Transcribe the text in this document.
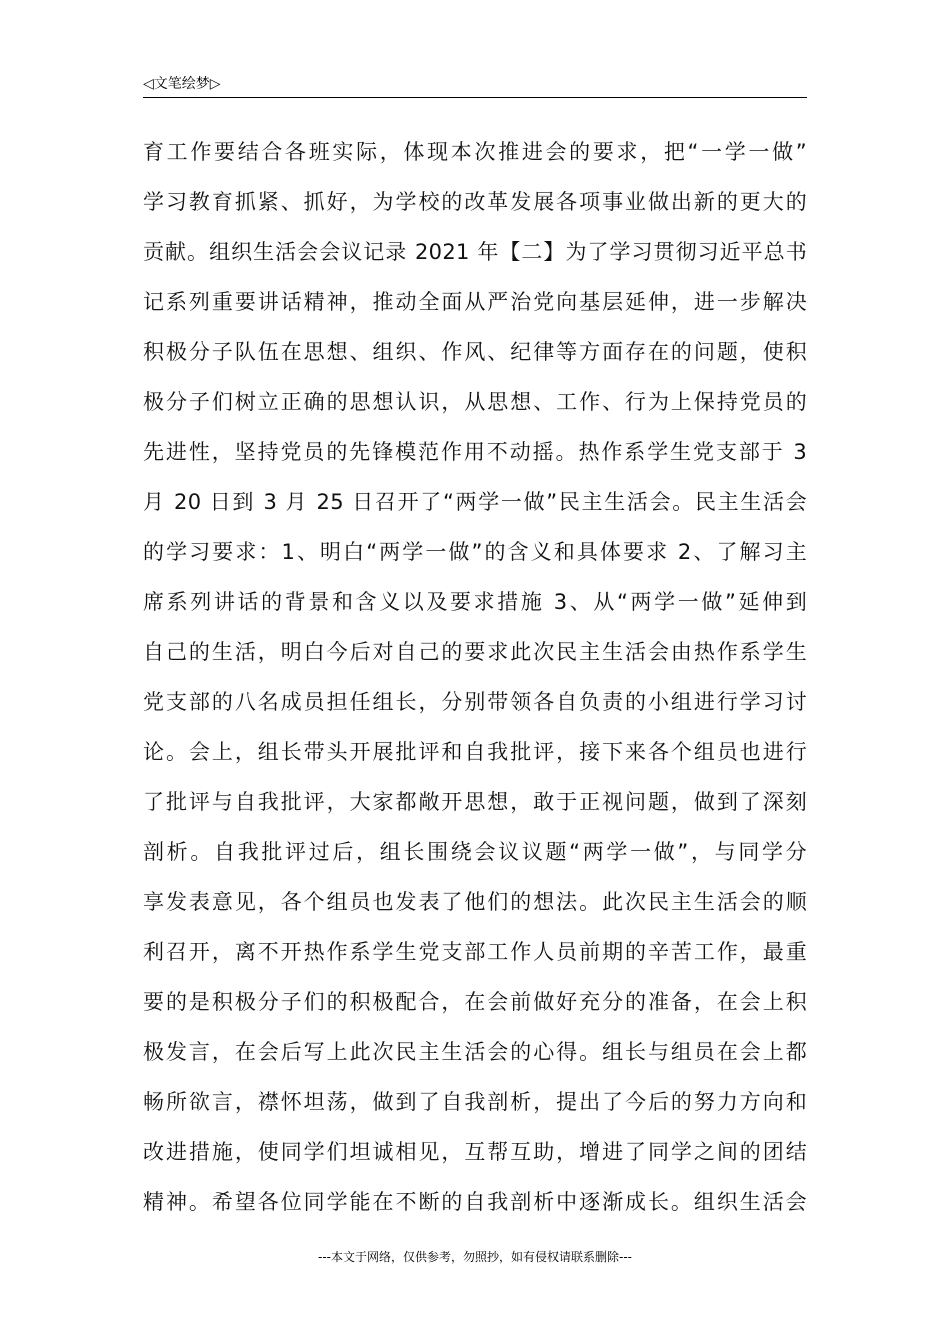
◁文笔绘梦▷
育工作要结合各班实际，体现本次推进会的要求，把“一学一做”
学习教育抓紧、抓好，为学校的改革发展各项事业做出新的更大的
贡献。组织生活会会议记录 2021 年【二】为了学习贯彻习近平总书
记系列重要讲话精神，推动全面从严治党向基层延伸，进一步解决
积极分子队伍在思想、组织、作风、纪律等方面存在的问题，使积
极分子们树立正确的思想认识，从思想、工作、行为上保持党员的
先进性，坚持党员的先锋模范作用不动摇。热作系学生党支部于 3
月 20 日到 3 月 25 日召开了“两学一做”民主生活会。民主生活会
的学习要求：1、明白“两学一做”的含义和具体要求 2、了解习主
席系列讲话的背景和含义以及要求措施 3、从“两学一做”延伸到
自己的生活，明白今后对自己的要求此次民主生活会由热作系学生
党支部的八名成员担任组长，分别带领各自负责的小组进行学习讨
论。会上，组长带头开展批评和自我批评，接下来各个组员也进行
了批评与自我批评，大家都敞开思想，敢于正视问题，做到了深刻
剖析。自我批评过后，组长围绕会议议题“两学一做”，与同学分
享发表意见，各个组员也发表了他们的想法。此次民主生活会的顺
利召开，离不开热作系学生党支部工作人员前期的辛苦工作，最重
要的是积极分子们的积极配合，在会前做好充分的准备，在会上积
极发言，在会后写上此次民主生活会的心得。组长与组员在会上都
畅所欲言，襟怀坦荡，做到了自我剖析，提出了今后的努力方向和
改进措施，使同学们坦诚相见，互帮互助，增进了同学之间的团结
精神。希望各位同学能在不断的自我剖析中逐渐成长。组织生活会
---本文于网络，仅供参考，勿照抄，如有侵权请联系删除---
